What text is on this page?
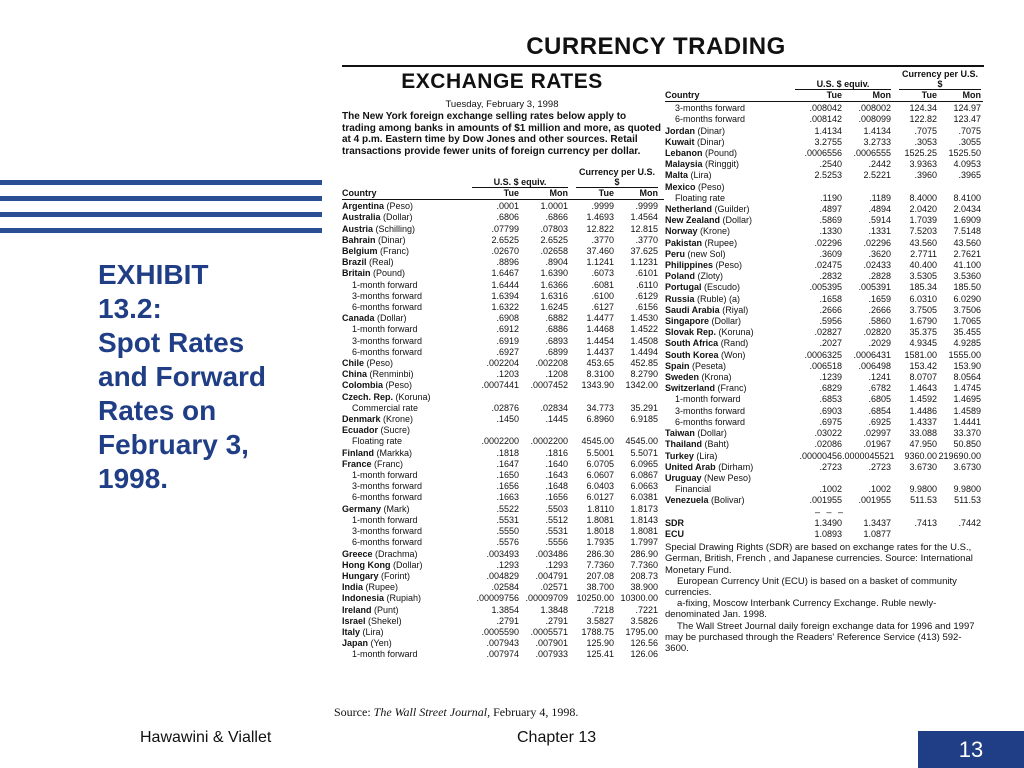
EXHIBIT
13.2:
Spot Rates
and Forward
Rates on
February 3,
1998.
CURRENCY TRADING
EXCHANGE RATES
Tuesday, February 3, 1998
The New York foreign exchange selling rates below apply to trading among banks in amounts of $1 million and more, as quoted at 4 p.m. Eastern time by Dow Jones and other sources. Retail transactions provide fewer units of foreign currency per dollar.
U.S. $ equiv.
Currency per U.S. $
Country	Tue	Mon	Tue	Mon
Argentina (Peso)	.0001	1.0001	.9999	.9999
Australia (Dollar)	.6806	.6866	1.4693	1.4564
Austria (Schilling)	.07799	.07803	12.822	12.815
Bahrain (Dinar)	2.6525	2.6525	.3770	.3770
Belgium (Franc)	.02670	.02658	37.460	37.625
Brazil (Real)	.8896	.8904	1.1241	1.1231
Britain (Pound)	1.6467	1.6390	.6073	.6101
1-month forward	1.6444	1.6366	.6081	.6110
3-months forward	1.6394	1.6316	.6100	.6129
6-months forward	1.6322	1.6245	.6127	.6156
Canada (Dollar)	.6908	.6882	1.4477	1.4530
1-month forward	.6912	.6886	1.4468	1.4522
3-months forward	.6919	.6893	1.4454	1.4508
6-months forward	.6927	.6899	1.4437	1.4494
Chile (Peso)	.002204	.002208	453.65	452.85
China (Renminbi)	.1203	.1208	8.3100	8.2790
Colombia (Peso)	.0007441	.0007452	1343.90	1342.00
Czech. Rep. (Koruna)
Commercial rate	.02876	.02834	34.773	35.291
Denmark (Krone)	.1450	.1445	6.8960	6.9185
Ecuador (Sucre)
Floating rate	.0002200	.0002200	4545.00	4545.00
Finland (Markka)	.1818	.1816	5.5001	5.5071
France (Franc)	.1647	.1640	6.0705	6.0965
1-month forward	.1650	.1643	6.0607	6.0867
3-months forward	.1656	.1648	6.0403	6.0663
6-months forward	.1663	.1656	6.0127	6.0381
Germany (Mark)	.5522	.5503	1.8110	1.8173
1-month forward	.5531	.5512	1.8081	1.8143
3-months forward	.5550	.5531	1.8018	1.8081
6-months forward	.5576	.5556	1.7935	1.7997
Greece (Drachma)	.003493	.003486	286.30	286.90
Hong Kong (Dollar)	.1293	.1293	7.7360	7.7360
Hungary (Forint)	.004829	.004791	207.08	208.73
India (Rupee)	.02584	.02571	38.700	38.900
Indonesia (Rupiah)	.00009756 .00009709 10250.00 10300.00
Ireland (Punt)	1.3854	1.3848	.7218	.7221
Israel (Shekel)	.2791	.2791	3.5827	3.5826
Italy (Lira)	.0005590	.0005571	1788.75	1795.00
Japan (Yen)	.007943	.007901	125.90	126.56
1-month forward	.007974	.007933	125.41	126.06
U.S. $ equiv.
Currency per U.S. $
Country	Tue	Mon	Tue	Mon
3-months forward	.008042	.008002	124.34	124.97
6-months forward	.008142	.008099	122.82	123.47
Jordan (Dinar)	1.4134	1.4134	.7075	.7075
Kuwait (Dinar)	3.2755	3.2733	.3053	.3055
Lebanon (Pound)	.0006556	.0006555	1525.25	1525.50
Malaysia (Ringgit)	.2540	.2442	3.9363	4.0953
Malta (Lira)	2.5253	2.5221	.3960	.3965
Mexico (Peso)
Floating rate	.1190	.1189	8.4000	8.4100
Netherland (Guilder)	.4897	.4894	2.0420	2.0434
New Zealand (Dollar)	.5869	.5914	1.7039	1.6909
Norway (Krone)	.1330	.1331	7.5203	7.5148
Pakistan (Rupee)	.02296	.02296	43.560	43.560
Peru (new Sol)	.3609	.3620	2.7711	2.7621
Philippines (Peso)	.02475	.02433	40.400	41.100
Poland (Zloty)	.2832	.2828	3.5305	3.5360
Portugal (Escudo)	.005395	.005391	185.34	185.50
Russia (Ruble) (a)	.1658	.1659	6.0310	6.0290
Saudi Arabia (Riyal)	.2666	.2666	3.7505	3.7506
Singapore (Dollar)	.5956	.5860	1.6790	1.7065
Slovak Rep. (Koruna)	.02827	.02820	35.375	35.455
South Africa (Rand)	.2027	.2029	4.9345	4.9285
South Korea (Won)	.0006325	.0006431	1581.00	1555.00
Spain (Peseta)	.006518	.006498	153.42	153.90
Sweden (Krona)	.1239	.1241	8.0707	8.0564
Switzerland (Franc)	.6829	.6782	1.4643	1.4745
1-month forward	.6853	.6805	1.4592	1.4695
3-months forward	.6903	.6854	1.4486	1.4589
6-months forward	.6975	.6925	1.4337	1.4441
Taiwan (Dollar)	.03022	.02997	33.088	33.370
Thailand (Baht)	.02086	.01967	47.950	50.850
Turkey (Lira)	.00000456 .0000045521	9360.00 219690.00
United Arab (Dirham)	.2723	.2723	3.6730	3.6730
Uruguay (New Peso)
Financial	.1002	.1002	9.9800	9.9800
Venezuela (Bolivar)	.001955	.001955	511.53	511.53
– – –
SDR	1.3490	1.3437	.7413	.7442
ECU	1.0893	1.0877

Special Drawing Rights (SDR) are based on exchange rates for the U.S., German, British, French , and Japanese currencies. Source: International Monetary Fund.

European Currency Unit (ECU) is based on a basket of community currencies.

a-fixing, Moscow Interbank Currency Exchange. Ruble newly-denominated Jan. 1998.

The Wall Street Journal daily foreign exchange data for 1996 and 1997 may be purchased through the Readers' Reference Service (413) 592-3600.

Source: The Wall Street Journal, February 4, 1998.
Hawawini & Viallet	Chapter 13	13
